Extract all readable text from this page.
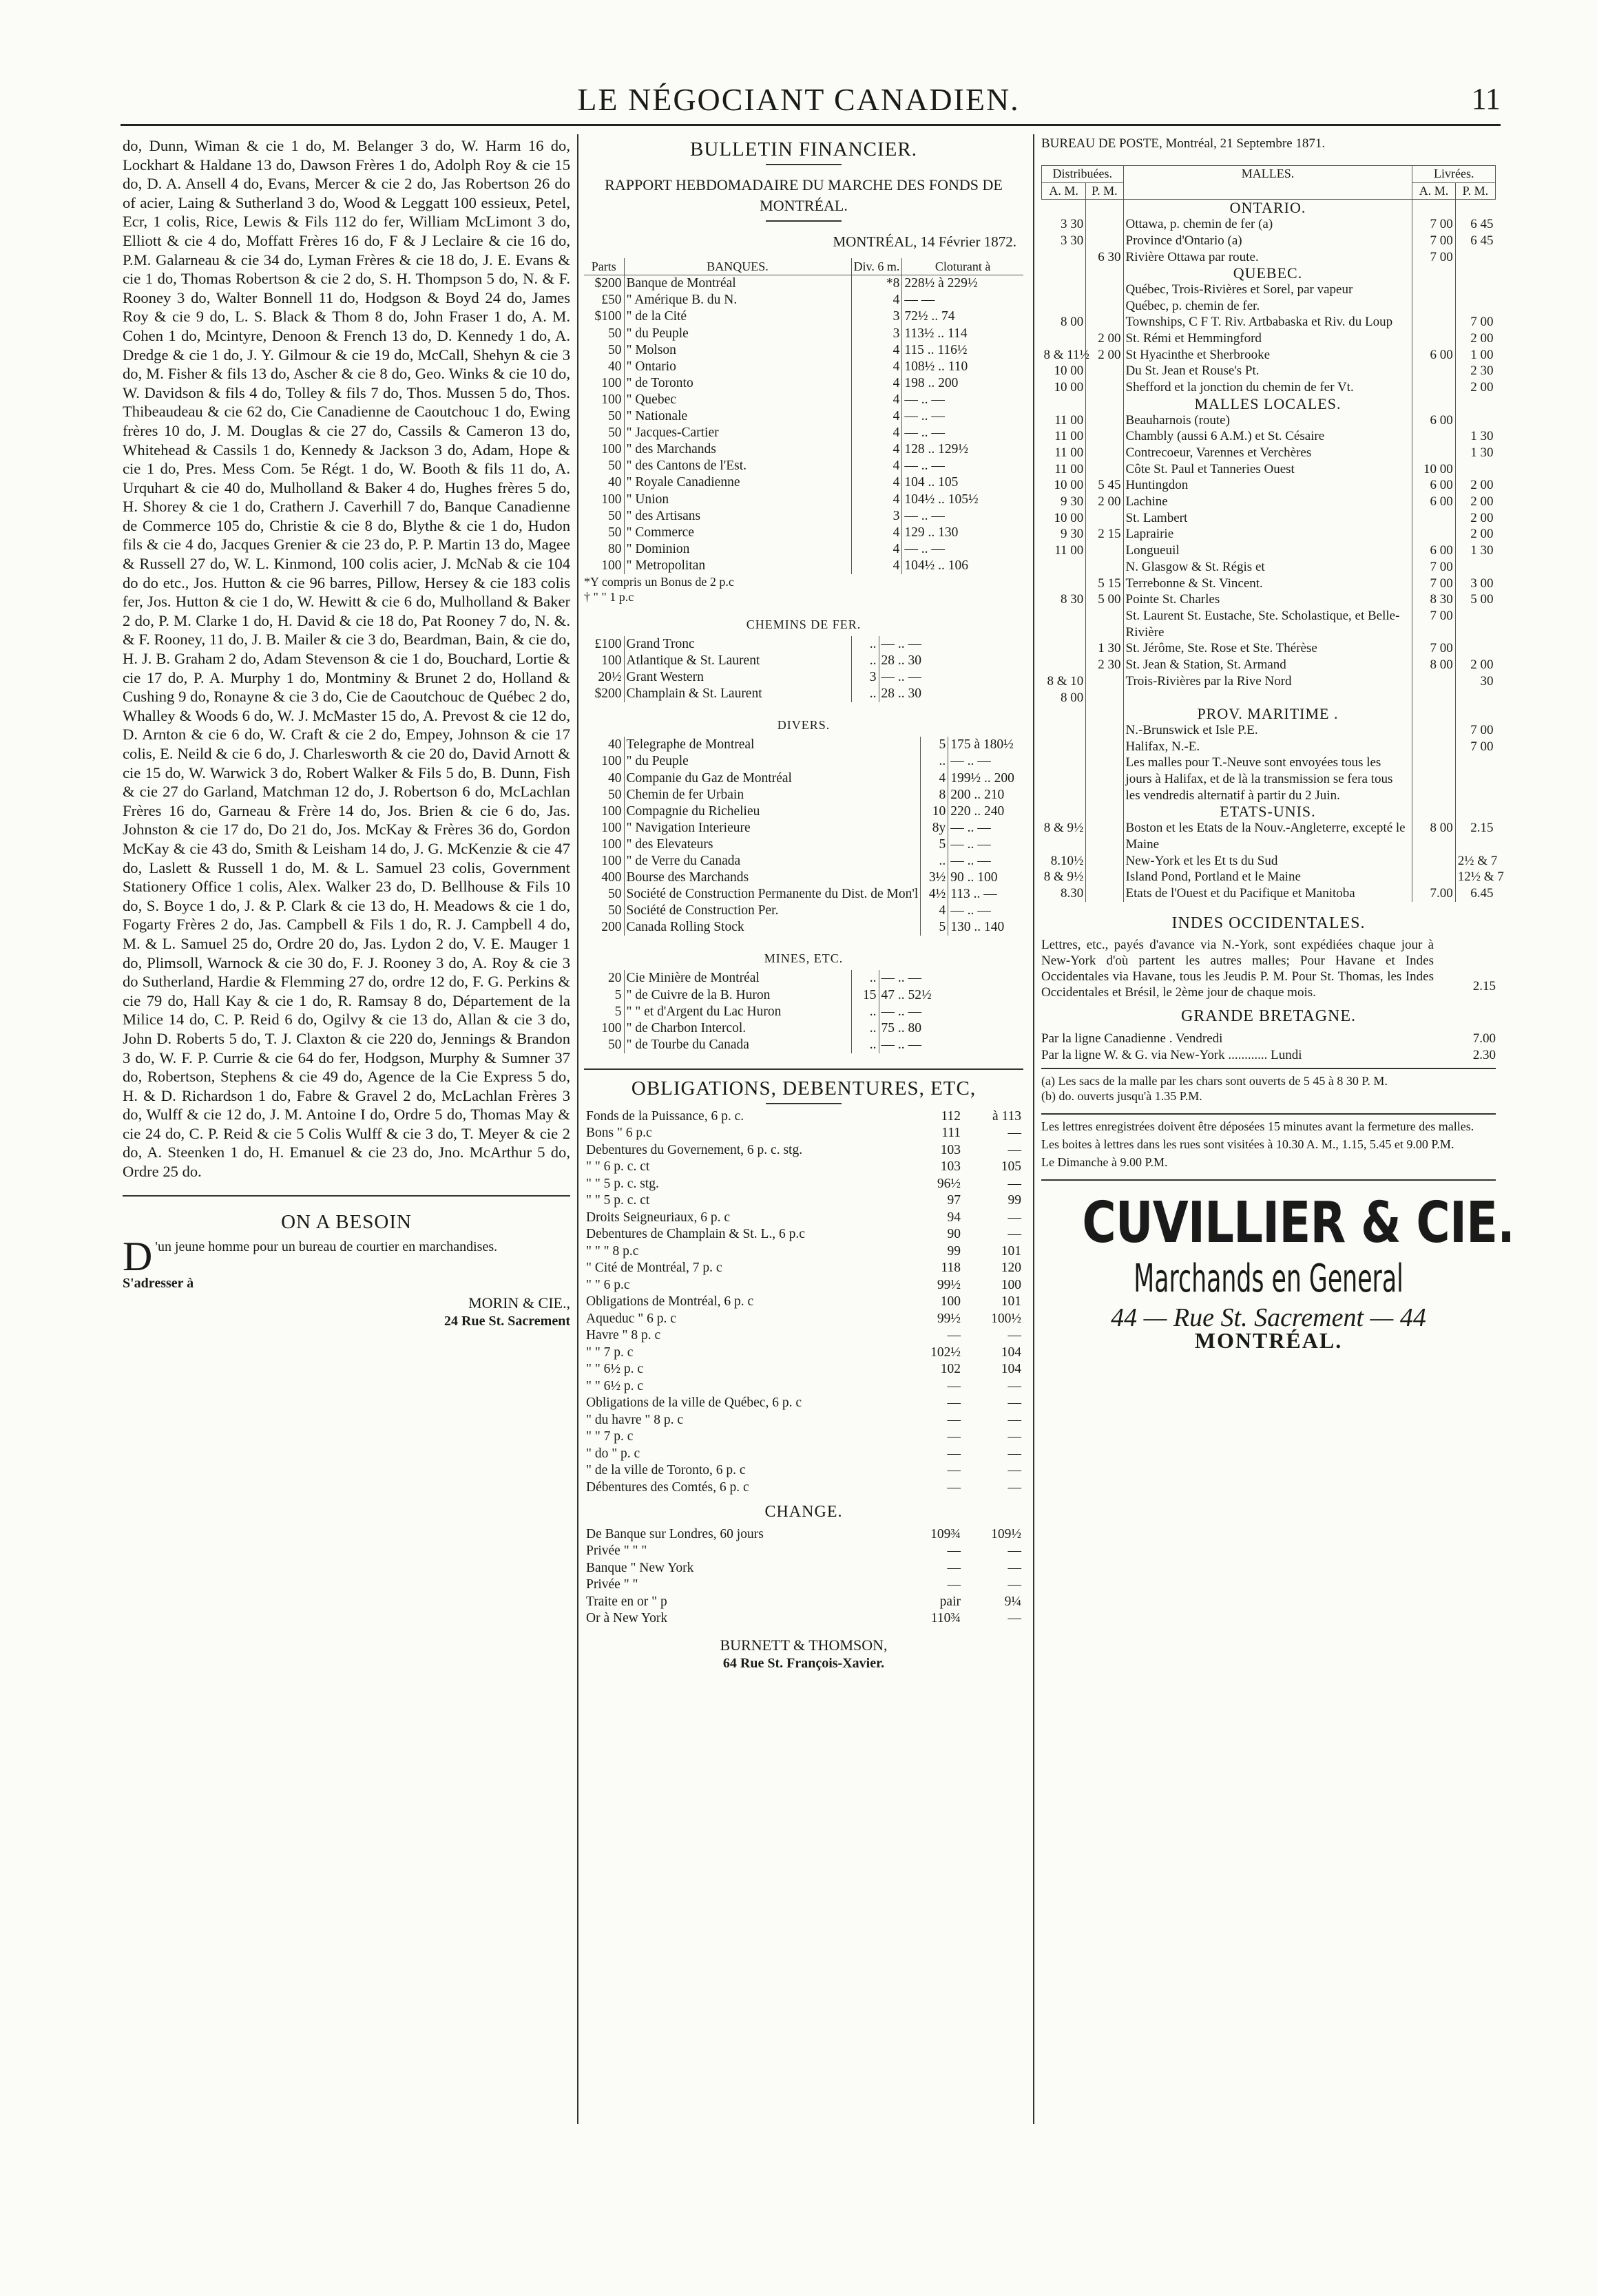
LE NÉGOCIANT CANADIEN.	11

do, Dunn, Wiman & cie 1 do, M. Belanger 3 do, W. Harm 16 do, Lockhart & Haldane 13 do, Dawson Frères 1 do, Adolph Roy & cie 15 do, D. A. Ansell 4 do, Evans, Mercer & cie 2 do, Jas Robertson 26 do of acier, Laing & Sutherland 3 do, Wood & Leggatt 100 essieux, Petel, Ecr, 1 colis, Rice, Lewis & Fils 112 do fer, William McLimont 3 do, Elliott & cie 4 do, Moffatt Frères 16 do, F & J Leclaire & cie 16 do, P.M. Galarneau & cie 34 do, Lyman Frères & cie 18 do, J. E. Evans & cie 1 do, Thomas Robertson & cie 2 do, S. H. Thompson 5 do, N. & F. Rooney 3 do, Walter Bonnell 11 do, Hodgson & Boyd 24 do, James Roy & cie 9 do, L. S. Black & Thom 8 do, John Fraser 1 do, A. M. Cohen 1 do, Mcintyre, Denoon & French 13 do, D. Kennedy 1 do, A. Dredge & cie 1 do, J. Y. Gilmour & cie 19 do, McCall, Shehyn & cie 3 do, M. Fisher & fils 13 do, Ascher & cie 8 do, Geo. Winks & cie 10 do, W. Davidson & fils 4 do, Tolley & fils 7 do, Thos. Mussen 5 do, Thos. Thibeaudeau & cie 62 do, Cie Canadienne de Caoutchouc 1 do, Ewing frères 10 do, J. M. Douglas & cie 27 do, Cassils & Cameron 13 do, Whitehead & Cassils 1 do, Kennedy & Jackson 3 do, Adam, Hope & cie 1 do, Pres. Mess Com. 5e Régt. 1 do, W. Booth & fils 11 do, A. Urquhart & cie 40 do, Mulholland & Baker 4 do, Hughes frères 5 do, H. Shorey & cie 1 do, Crathern J. Caverhill 7 do, Banque Canadienne de Commerce 105 do, Christie & cie 8 do, Blythe & cie 1 do, Hudon fils & cie 4 do, Jacques Grenier & cie 23 do, P. P. Martin 13 do, Magee & Russell 27 do, W. L. Kinmond, 100 colis acier, J. McNab & cie 104 do do etc., Jos. Hutton & cie 96 barres, Pillow, Hersey & cie 183 colis fer, Jos. Hutton & cie 1 do, W. Hewitt & cie 6 do, Mulholland & Baker 2 do, P. M. Clarke 1 do, H. David & cie 18 do, Pat Rooney 7 do, N. &. & F. Rooney, 11 do, J. B. Mailer & cie 3 do, Beardman, Bain, & cie do, H. J. B. Graham 2 do, Adam Stevenson & cie 1 do, Bouchard, Lortie & cie 17 do, P. A. Murphy 1 do, Montminy & Brunet 2 do, Holland & Cushing 9 do, Ronayne & cie 3 do, Cie de Caoutchouc de Québec 2 do, Whalley & Woods 6 do, W. J. McMaster 15 do, A. Prevost & cie 12 do, D. Arnton & cie 6 do, W. Craft & cie 2 do, Empey, Johnson & cie 17 colis, E. Neild & cie 6 do, J. Charlesworth & cie 20 do, David Arnott & cie 15 do, W. Warwick 3 do, Robert Walker & Fils 5 do, B. Dunn, Fish & cie 27 do Garland, Matchman 12 do, J. Robertson 6 do, McLachlan Frères 16 do, Garneau & Frère 14 do, Jos. Brien & cie 6 do, Jas. Johnston & cie 17 do, Do 21 do, Jos. McKay & Frères 36 do, Gordon McKay & cie 43 do, Smith & Leisham 14 do, J. G. McKenzie & cie 47 do, Laslett & Russell 1 do, M. & L. Samuel 23 colis, Government Stationery Office 1 colis, Alex. Walker 23 do, D. Bellhouse & Fils 10 do, S. Boyce 1 do, J. & P. Clark & cie 13 do, H. Meadows & cie 1 do, Fogarty Frères 2 do, Jas. Campbell & Fils 1 do, R. J. Campbell 4 do, M. & L. Samuel 25 do, Ordre 20 do, Jas. Lydon 2 do, V. E. Mauger 1 do, Plimsoll, Warnock & cie 30 do, F. J. Rooney 3 do, A. Roy & cie 3 do Sutherland, Hardie & Flemming 27 do, ordre 12 do, F. G. Perkins & cie 79 do, Hall Kay & cie 1 do, R. Ramsay 8 do, Département de la Milice 14 do, C. P. Reid 6 do, Ogilvy & cie 13 do, Allan & cie 3 do, John D. Roberts 5 do, T. J. Claxton & cie 220 do, Jennings & Brandon 3 do, W. F. P. Currie & cie 64 do fer, Hodgson, Murphy & Sumner 37 do, Robertson, Stephens & cie 49 do, Agence de la Cie Express 5 do, H. & D. Richardson 1 do, Fabre & Gravel 2 do, McLachlan Frères 3 do, Wulff & cie 12 do, J. M. Antoine I do, Ordre 5 do, Thomas May & cie 24 do, C. P. Reid & cie 5 Colis Wulff & cie 3 do, T. Meyer & cie 2 do, A. Steenken 1 do, H. Emanuel & cie 23 do, Jno. McArthur 5 do, Ordre 25 do.

ON A BESOIN
D 'un jeune homme pour un bureau de courtier en marchandises.
S'adresser à
MORIN & CIE.,
24 Rue St. Sacrement
BULLETIN FINANCIER.
RAPPORT HEBDOMADAIRE DU MARCHE DES FONDS DE MONTRÉAL.
MONTRÉAL, 14 Février 1872.
Parts	BANQUES.	Div. 6 m.	Cloturant à
$200	Banque de Montréal	*8	228½ à 229½
£50	" Amérique B. du N.	4	— —
$100	" de la Cité	3	72½ .. 74
50	" du Peuple	3	113½ .. 114
50	" Molson	4	115 .. 116½
40	" Ontario	4	108½ .. 110
100	" de Toronto	4	198 .. 200
100	" Quebec	4	— .. —
50	" Nationale	4	— .. —
50	" Jacques-Cartier	4	— .. —
100	" des Marchands	4	128 .. 129½
50	" des Cantons de l'Est.	4	— .. —
40	" Royale Canadienne	4	104 .. 105
100	" Union	4	104½ .. 105½
50	" des Artisans	3	— .. —
50	" Commerce	4	129 .. 130
80	" Dominion	4	— .. —
100	" Metropolitan	4	104½ .. 106
*Y compris un Bonus de 2 p.c
† " " 1 p.c
CHEMINS DE FER.
£100	Grand Tronc	..	— .. —
100	Atlantique & St. Laurent	..	28 .. 30
20½	Grant Western	3	— .. —
$200	Champlain & St. Laurent	..	28 .. 30
DIVERS.
40	Telegraphe de Montreal	5	175 à 180½
100	" du Peuple	..	— .. —
40	Companie du Gaz de Montréal	4	199½ .. 200
50	Chemin de fer Urbain	8	200 .. 210
100	Compagnie du Richelieu	10	220 .. 240
100	" Navigation Interieure	8y	— .. —
100	" des Elevateurs	5	— .. —
100	" de Verre du Canada	..	— .. —
400	Bourse des Marchands	3½	90 .. 100
50	Société de Construction Permanente du Dist. de Mon'l	4½	113 .. —
50	Société de Construction Per.	4	— .. —
200	Canada Rolling Stock	5	130 .. 140
MINES, ETC.
20	Cie Minière de Montréal	..	— .. —
5	" de Cuivre de la B. Huron	15	47 .. 52½
5	" " et d'Argent du Lac Huron	..	— .. —
100	" de Charbon Intercol.	..	75 .. 80
50	" de Tourbe du Canada	..	— .. —
OBLIGATIONS, DEBENTURES, ETC,
Fonds de la Puissance, 6 p. c.	112	à 113
Bons " 6 p.c	111	—
Debentures du Governement, 6 p. c. stg.	103	—
" " 6 p. c. ct	103	105
" " 5 p. c. stg.	96½	—
" " 5 p. c. ct	97	99
Droits Seigneuriaux, 6 p. c	94	—
Debentures de Champlain & St. L., 6 p.c	90	—
" " " 8 p.c	99	101
" Cité de Montréal, 7 p. c	118	120
" " 6 p.c	99½	100
Obligations de Montréal, 6 p. c	100	101
Aqueduc " 6 p. c	99½	100½
Havre " 8 p. c	—	—
" " 7 p. c	102½	104
" " 6½ p. c	102	104
" " 6½ p. c	—	—
Obligations de la ville de Québec, 6 p. c	—	—
" du havre " 8 p. c	—	—
" " 7 p. c	—	—
" do " p. c	—	—
" de la ville de Toronto, 6 p. c	—	—
Débentures des Comtés, 6 p. c	—	—
CHANGE.
De Banque sur Londres, 60 jours	109¾	109½
Privée " " "	—	—
Banque " New York	—	—
Privée " "	—	—
Traite en or " p	pair	9¼
Or à New York	110¾	—
BURNETT & THOMSON,
64 Rue St. François-Xavier.
BUREAU DE POSTE, Montréal, 21 Septembre 1871.
Distribuées.		MALLES.	Livrées.	
A. M.	P. M.		A. M.	P. M.
		ONTARIO.		
3 30		Ottawa, p. chemin de fer (a)	7 00	6 45
3 30		Province d'Ontario (a)	7 00	6 45
	6 30	Rivière Ottawa par route.	7 00	
		QUEBEC.		
		Québec, Trois-Rivières et Sorel, par vapeur		
		Québec, p. chemin de fer.		
8 00		Townships, C F T. Riv. Artbabaska et Riv. du Loup		7 00
	2 00	St. Rémi et Hemmingford		2 00
8 & 11½	2 00	St Hyacinthe et Sherbrooke	6 00	1 00
10 00		Du St. Jean et Rouse's Pt.		2 30
10 00		Shefford et la jonction du chemin de fer Vt.		2 00
		MALLES LOCALES.		
11 00		Beauharnois (route)	6 00	
11 00		Chambly (aussi 6 A.M.) et St. Césaire		1 30
11 00		Contrecoeur, Varennes et Verchères		1 30
11 00		Côte St. Paul et Tanneries Ouest	10 00	
10 00	5 45	Huntingdon	6 00	2 00
9 30	2 00	Lachine	6 00	2 00
10 00		St. Lambert		2 00
9 30	2 15	Laprairie		2 00
11 00		Longueuil	6 00	1 30
		N. Glasgow & St. Régis et	7 00	
	5 15	Terrebonne & St. Vincent.	7 00	3 00
8 30	5 00	Pointe St. Charles	8 30	5 00
		St. Laurent St. Eustache, Ste. Scholastique, et Belle-Rivière	7 00	
	1 30	St. Jérôme, Ste. Rose et Ste. Thérèse	7 00	
	2 30	St. Jean & Station, St. Armand	8 00	2 00
8 & 10		Trois-Rivières par la Rive Nord		30
8 00				
		PROV. MARITIME .		
		N.-Brunswick et Isle P.E.		7 00
		Halifax, N.-E.		7 00
		Les malles pour T.-Neuve sont envoyées tous les jours à Halifax, et de là la transmission se fera tous les vendredis alternatif à partir du 2 Juin.		
		ETATS-UNIS.		
8 & 9½		Boston et les Etats de la Nouv.-Angleterre, excepté le Maine	8 00	2.15
8.10½		New-York et les Et ts du Sud		2½ & 7
8 & 9½		Island Pond, Portland et le Maine		12½ & 7
8.30		Etats de l'Ouest et du Pacifique et Manitoba	7.00	6.45
INDES OCCIDENTALES.
Lettres, etc., payés d'avance via N.-York, sont expédiées chaque jour à New-York d'où partent les autres malles; Pour Havane et Indes Occidentales via Havane, tous les Jeudis P. M. Pour St. Thomas, les Indes Occidentales et Brésil, le 2ème jour de chaque mois.	2.15
GRANDE BRETAGNE.
Par la ligne Canadienne . Vendredi	7.00
Par la ligne W. & G. via New-York ............ Lundi	2.30
(a) Les sacs de la malle par les chars sont ouverts de 5 45 à 8 30 P. M.
(b) do. ouverts jusqu'à 1.35 P.M.
Les lettres enregistrées doivent être déposées 15 minutes avant la fermeture des malles.
Les boites à lettres dans les rues sont visitées à 10.30 A. M., 1.15, 5.45 et 9.00 P.M.
Le Dimanche à 9.00 P.M.
CUVILLIER & CIE.
Marchands en General
44 — Rue St. Sacrement — 44
MONTRÉAL.
